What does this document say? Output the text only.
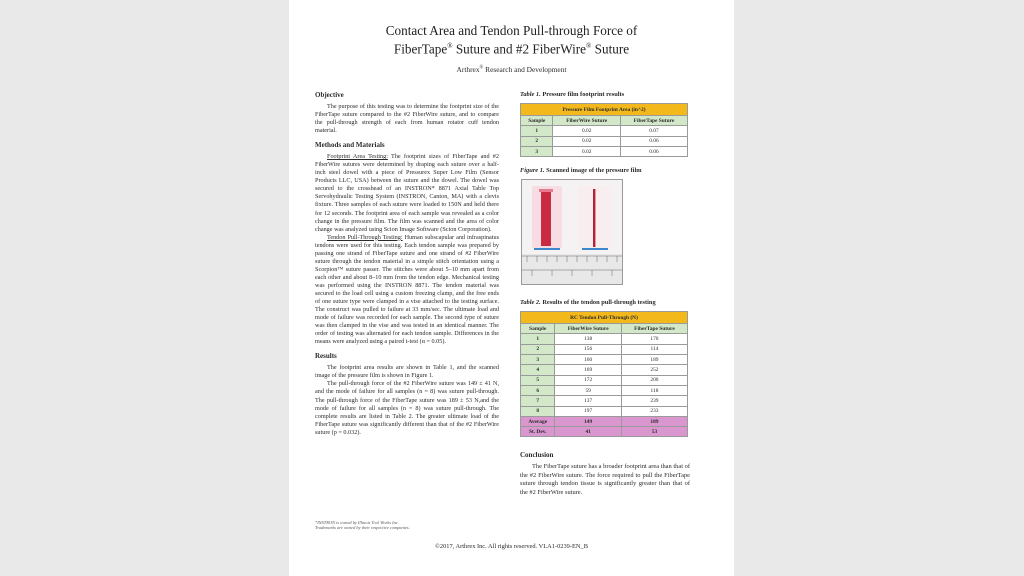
Contact Area and Tendon Pull-through Force of
FiberTape® Suture and #2 FiberWire® Suture
Arthrex® Research and Development
Objective

The purpose of this testing was to determine the footprint size of the FiberTape suture compared to the #2 FiberWire suture, and to compare the pull-through strength of each from human rotator cuff tendon material.

Methods and Materials

Footprint Area Testing: The footprint sizes of FiberTape and #2 FiberWire sutures were determined by draping each suture over a half-inch steel dowel with a piece of Pressurex Super Low Film (Sensor Products LLC, USA) between the suture and the dowel. The dowel was secured to the crosshead of an INSTRON* 8871 Axial Table Top Servohydraulic Testing System (INSTRON, Canton, MA) with a clevis fixture. Three samples of each suture were loaded to 150N and held there for 12 seconds. The footprint area of each sample was revealed as a color change in the pressure film. The film was scanned and the area of color change was analyzed using Scion Image Software (Scion Corporation).

Tendon Pull-Through Testing: Human subscapular and infraspinatus tendons were used for this testing. Each tendon sample was prepared by passing one strand of FiberTape suture and one strand of #2 FiberWire suture through the tendon material in a simple stitch orientation using a Scorpion™ suture passer. The stitches were about 5–10 mm apart from each other and about 8–10 mm from the tendon edge. Mechanical testing was performed using the INSTRON 8871. The tendon material was secured to the load cell using a custom freezing clamp, and the free ends of one suture type were clamped in a vise attached to the testing surface. The construct was pulled to failure at 33 mm/sec. The ultimate load and mode of failure was recorded for each sample. The second type of suture was then clamped in the vise and was tested in an identical manner. The order of testing was alternated for each tendon sample. Differences in the means were analyzed using a paired t-test (α = 0.05).

Results

The footprint area results are shown in Table 1, and the scanned image of the pressure film is shown in Figure 1.

The pull-through force of the #2 FiberWire suture was 149 ± 41 N, and the mode of failure for all samples (n = 8) was suture pull-through. The pull-through force of the FiberTape suture was 189 ± 53 N,and the mode of failure for all samples (n = 8) was suture pull-through. The complete results are listed in Table 2. The greater ultimate load of the FiberTape suture was significantly different than that of the #2 FiberWire suture (p = 0.032).

Table 1. Pressure film footprint results
Pressure Film Footprint Area (in^2)		
Sample	FiberWire Suture	FiberTape Suture
1	0.02	0.07
2	0.02	0.06
3	0.02	0.06
Figure 1. Scanned image of the pressure film
Table 2. Results of the tendon pull-through testing
RC Tendon Pull-Through (N)		
Sample	FiberWire Suture	FiberTape Suture
1	138	170
2	156	114
3	160	189
4	169	252
5	172	200
6	59	118
7	137	239
8	197	233
Average	149	189
St. Dev.	41	53
Conclusion

The FiberTape suture has a broader footprint area than that of the #2 FiberWire suture. The force required to pull the FiberTape suture through tendon tissue is significantly greater than that of the #2 FiberWire suture.

*INSTRON is owned by Illinois Tool Works Inc.
Trademarks are owned by their respective companies.
©2017, Arthrex Inc. All rights reserved. VLA1-0239-EN_B
